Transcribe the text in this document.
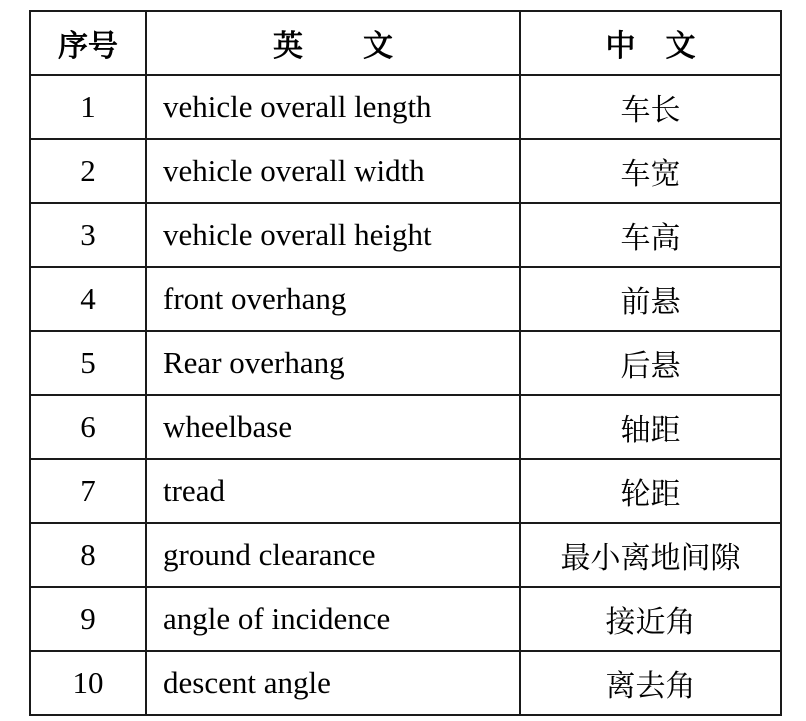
序号	英　　文	中　文
1	vehicle overall length	车长
2	vehicle overall width	车宽
3	vehicle overall height	车高
4	front overhang	前悬
5	Rear overhang	后悬
6	wheelbase	轴距
7	tread	轮距
8	ground clearance	最小离地间隙
9	angle of incidence	接近角
10	descent angle	离去角
